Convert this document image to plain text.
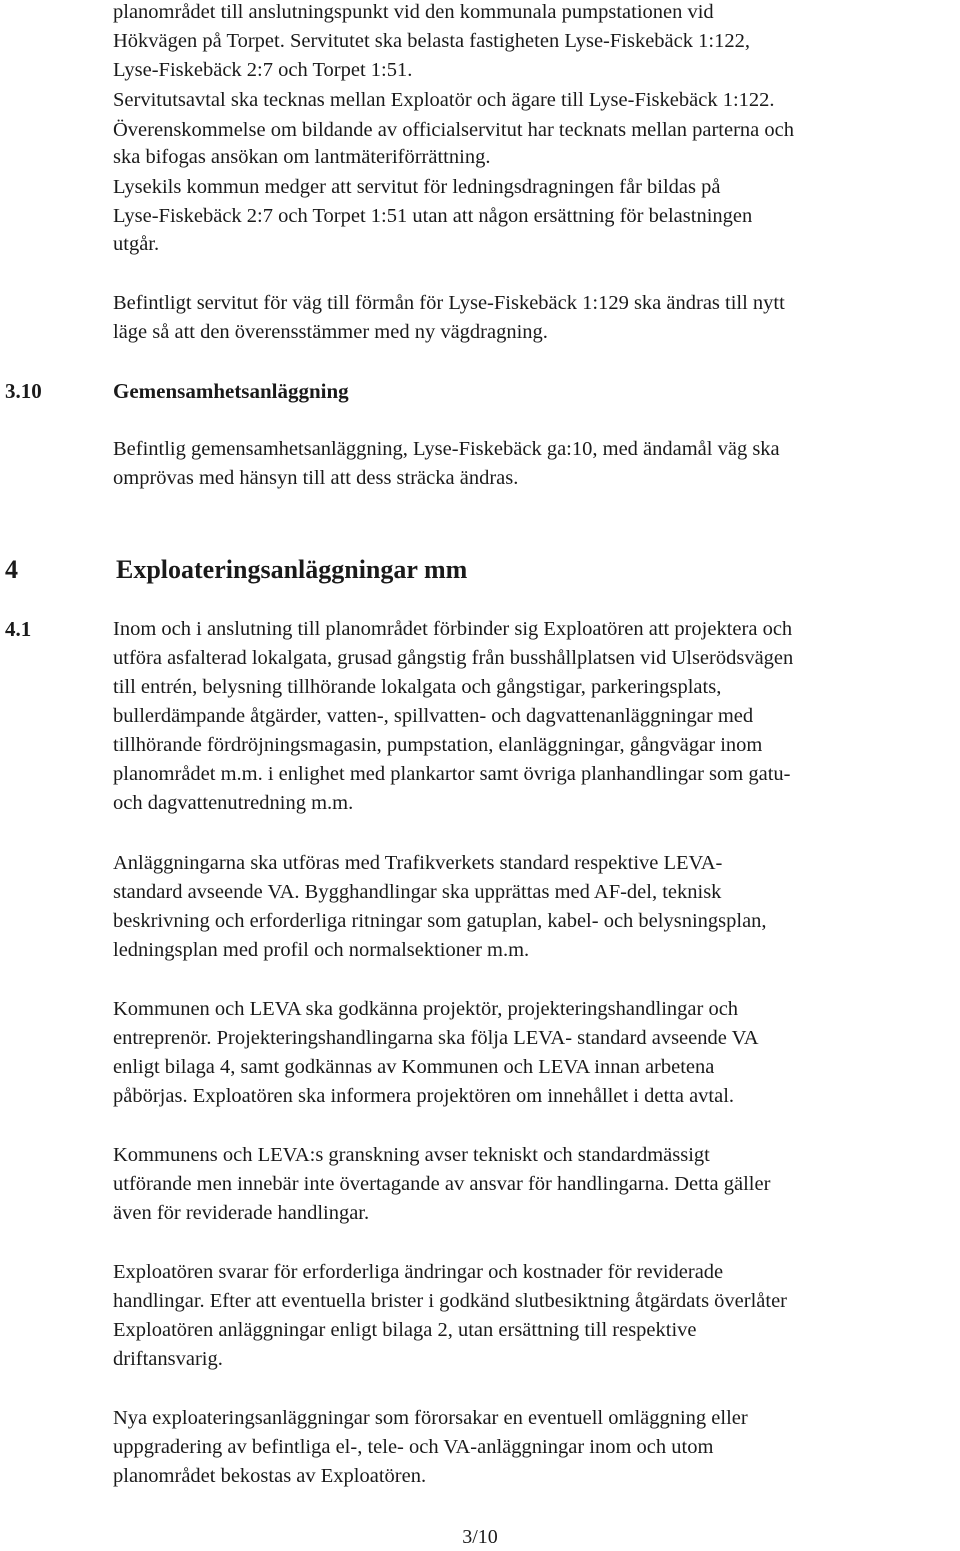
planområdet till anslutningspunkt vid den kommunala pumpstationen vid
Hökvägen på Torpet. Servitutet ska belasta fastigheten Lyse-Fiskebäck 1:122,
Lyse-Fiskebäck 2:7 och Torpet 1:51.
Servitutsavtal ska tecknas mellan Exploatör och ägare till Lyse-Fiskebäck 1:122.
Överenskommelse om bildande av officialservitut har tecknats mellan parterna och
ska bifogas ansökan om lantmäteriförrättning.
Lysekils kommun medger att servitut för ledningsdragningen får bildas på
Lyse-Fiskebäck 2:7 och Torpet 1:51 utan att någon ersättning för belastningen
utgår.
Befintligt servitut för väg till förmån för Lyse-Fiskebäck 1:129 ska ändras till nytt
läge så att den överensstämmer med ny vägdragning.
3.10	Gemensamhetsanläggning
Befintlig gemensamhetsanläggning, Lyse-Fiskebäck ga:10, med ändamål väg ska
omprövas med hänsyn till att dess sträcka ändras.
4	Exploateringsanläggningar mm
4.1	Inom och i anslutning till planområdet förbinder sig Exploatören att projektera och
utföra asfalterad lokalgata, grusad gångstig från busshållplatsen vid Ulserödsvägen
till entrén, belysning tillhörande lokalgata och gångstigar, parkeringsplats,
bullerdämpande åtgärder, vatten-, spillvatten- och dagvattenanläggningar med
tillhörande fördröjningsmagasin, pumpstation, elanläggningar, gångvägar inom
planområdet m.m. i enlighet med plankartor samt övriga planhandlingar som gatu-
och dagvattenutredning m.m.
Anläggningarna ska utföras med Trafikverkets standard respektive LEVA-
standard avseende VA. Bygghandlingar ska upprättas med AF-del, teknisk
beskrivning och erforderliga ritningar som gatuplan, kabel- och belysningsplan,
ledningsplan med profil och normalsektioner m.m.
Kommunen och LEVA ska godkänna projektör, projekteringshandlingar och
entreprenör. Projekteringshandlingarna ska följa LEVA- standard avseende VA
enligt bilaga 4, samt godkännas av Kommunen och LEVA innan arbetena
påbörjas. Exploatören ska informera projektören om innehållet i detta avtal.
Kommunens och LEVA:s granskning avser tekniskt och standardmässigt
utförande men innebär inte övertagande av ansvar för handlingarna. Detta gäller
även för reviderade handlingar.
Exploatören svarar för erforderliga ändringar och kostnader för reviderade
handlingar. Efter att eventuella brister i godkänd slutbesiktning åtgärdats överlåter
Exploatören anläggningar enligt bilaga 2, utan ersättning till respektive
driftansvarig.
Nya exploateringsanläggningar som förorsakar en eventuell omläggning eller
uppgradering av befintliga el-, tele- och VA-anläggningar inom och utom
planområdet bekostas av Exploatören.
3/10
